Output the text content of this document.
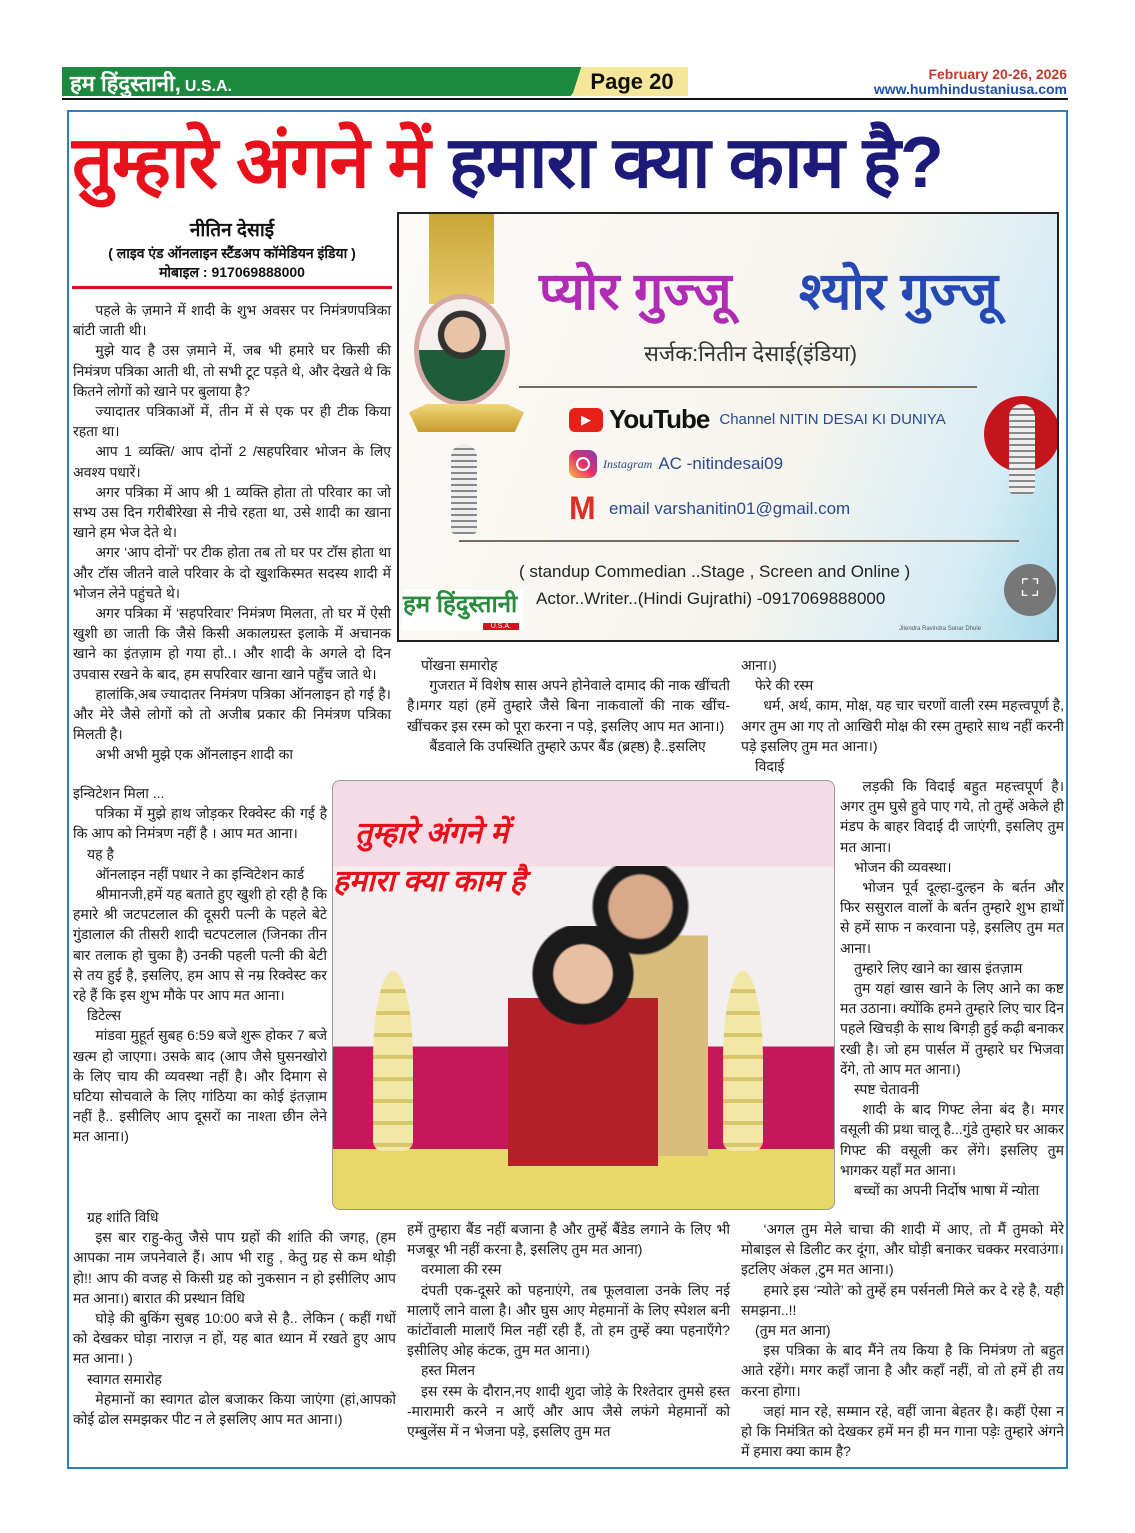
हम हिंदुस्तानी, U.S.A.	Page 20	February 20-26, 2026
www.humhindustaniusa.com
तुम्हारे अंगने में हमारा क्या काम है?
नीतिन देसाई
( लाइव एंड ऑनलाइन स्टैंडअप कॉमेडियन इंडिया )
मोबाइल : 917069888000	प्योर गुज्जू श्योर गुज्जू
सर्जक:नितीन देसाई(इंडिया)
▶ YouTube Channel NITIN DESAI KI DUNIYA
Instagram AC -nitindesai09
M
email varshanitin01@gmail.com
( standup Commedian ..Stage , Screen and Online )
Actor..Writer..(Hindi Gujrathi) -0917069888000
हम हिंदुस्तानी
U.S.A.	Jitendra Ravindra Sonar Dhule
⛶
तुम्हारे अंगने में
हमारा क्या काम है

पहले के ज़माने में शादी के शुभ अवसर पर निमंत्रणपत्रिका बांटी जाती थी।

मुझे याद है उस ज़माने में, जब भी हमारे घर किसी की निमंत्रण पत्रिका आती थी, तो सभी टूट पड़ते थे, और देखते थे कि कितने लोगों को खाने पर बुलाया है?

ज्यादातर पत्रिकाओं में, तीन में से एक पर ही टीक किया रहता था।

आप 1 व्यक्ति/ आप दोनों 2 /सहपरिवार भोजन के लिए अवश्य पधारें।

अगर पत्रिका में आप श्री 1 व्यक्ति होता तो परिवार का जो सभ्य उस दिन गरीबीरेखा से नीचे रहता था, उसे शादी का खाना खाने हम भेज देते थे।

अगर ‘आप दोनों’ पर टीक होता तब तो घर पर टॉस होता था और टॉस जीतने वाले परिवार के दो खुशकिस्मत सदस्य शादी में भोजन लेने पहुंचते थे।

अगर पत्रिका में ‘सहपरिवार’ निमंत्रण मिलता, तो घर में ऐसी खुशी छा जाती कि जैसे किसी अकालग्रस्त इलाके में अचानक खाने का इंतज़ाम हो गया हो..। और शादी के अगले दो दिन उपवास रखने के बाद, हम सपरिवार खाना खाने पहुँच जाते थे।

हालांकि,अब ज्यादातर निमंत्रण पत्रिका ऑनलाइन हो गई है। और मेरे जैसे लोगों को तो अजीब प्रकार की निमंत्रण पत्रिका मिलती है।

अभी अभी मुझे एक ऑनलाइन शादी का

इन्विटेशन मिला ...

पत्रिका में मुझे हाथ जोड़कर रिक्वेस्ट की गई है कि आप को निमंत्रण नहीं है । आप मत आना।

यह है

ऑनलाइन नहीं पधार ने का इन्विटेशन कार्ड

श्रीमानजी,हमें यह बताते हुए खुशी हो रही है कि हमारे श्री जटपटलाल की दूसरी पत्नी के पहले बेटे गुंडालाल की तीसरी शादी चटपटलाल (जिनका तीन बार तलाक हो चुका है) उनकी पहली पत्नी की बेटी से तय हुई है, इसलिए, हम आप से नम्र रिक्वेस्ट कर रहे हैं कि इस शुभ मौके पर आप मत आना।

डिटेल्स

मांडवा मुहूर्त सुबह 6:59 बजे शुरू होकर 7 बजे खत्म हो जाएगा। उसके बाद (आप जैसे घुसनखोरो के लिए चाय की व्यवस्था नहीं है। और दिमाग से घटिया सोचवाले के लिए गांठिया का कोई इंतज़ाम नहीं है.. इसीलिए आप दूसरों का नाश्ता छीन लेने मत आना।)

ग्रह शांति विधि

इस बार राहु-केतु जैसे पाप ग्रहों की शांति की जगह, (हम आपका नाम जपनेवाले हैं। आप भी राहु , केतु ग्रह से कम थोड़ी हो!! आप की वजह से किसी ग्रह को नुकसान न हो इसीलिए आप मत आना।) बारात की प्रस्थान विधि

घोड़े की बुकिंग सुबह 10:00 बजे से है.. लेकिन ( कहीं गधों को देखकर घोड़ा नाराज़ न हों, यह बात ध्यान में रखते हुए आप मत आना। )

स्वागत समारोह

मेहमानों का स्वागत ढोल बजाकर किया जाएंगा (हां,आपको कोई ढोल समझकर पीट न ले इसलिए आप मत आना।)

पोंखना समारोह

गुजरात में विशेष सास अपने होनेवाले दामाद की नाक खींचती है।मगर यहां (हमें तुम्हारे जैसे बिना नाकवालों की नाक खींच-खींचकर इस रस्म को पूरा करना न पड़े, इसलिए आप मत आना।)

बैंडवाले कि उपस्थिति तुम्हारे ऊपर बैंड (ब्रह्ष्ठ) है..इसलिए

आना।)

फेरे की रस्म

धर्म, अर्थ, काम, मोक्ष, यह चार चरणों वाली रस्म महत्त्वपूर्ण है, अगर तुम आ गए तो आखिरी मोक्ष की रस्म तुम्हारे साथ नहीं करनी पड़े इसलिए तुम मत आना।)

विदाई

लड़की कि विदाई बहुत महत्त्वपूर्ण है। अगर तुम घुसे हुवे पाए गये, तो तुम्हें अकेले ही मंडप के बाहर विदाई दी जाएंगी, इसलिए तुम मत आना।

भोजन की व्यवस्था।

भोजन पूर्व दूल्हा-दुल्हन के बर्तन और फिर ससुराल वालों के बर्तन तुम्हारे शुभ हाथों से हमें साफ न करवाना पड़े, इसलिए तुम मत आना।

तुम्हारे लिए खाने का खास इंतज़ाम

तुम यहां खास खाने के लिए आने का कष्ट मत उठाना। क्योंकि हमने तुम्हारे लिए चार दिन पहले खिचड़ी के साथ बिगड़ी हुई कढ़ी बनाकर रखी है। जो हम पार्सल में तुम्हारे घर भिजवा देंगे, तो आप मत आना।)

स्पष्ट चेतावनी

शादी के बाद गिफ्ट लेना बंद है। मगर वसूली की प्रथा चालू है...गुंडे तुम्हारे घर आकर गिफ्ट की वसूली कर लेंगे। इसलिए तुम भागकर यहाँ मत आना।

बच्चों का अपनी निर्दोष भाषा में न्योता

हमें तुम्हारा बैंड नहीं बजाना है और तुम्हें बैंडेड लगाने के लिए भी मजबूर भी नहीं करना है, इसलिए तुम मत आना)

वरमाला की रस्म

दंपती एक-दूसरे को पहनाएंगे, तब फूलवाला उनके लिए नई मालाएँ लाने वाला है। और घुस आए मेहमानों के लिए स्पेशल बनी कांटोंवाली मालाएँ मिल नहीं रही हैं, तो हम तुम्हें क्या पहनाएँगे? इसीलिए ओह कंटक, तुम मत आना।)

हस्त मिलन

इस रस्म के दौरान,नए शादी शुदा जोड़े के रिश्तेदार तुमसे हस्त -मारामारी करने न आएँ और आप जैसे लफंगे मेहमानों को एम्बुलेंस में न भेजना पड़े, इसलिए तुम मत

‘अगल तुम मेले चाचा की शादी में आए, तो मैं तुमको मेरे मोबाइल से डिलीट कर दूंगा, और घोड़ी बनाकर चक्कर मरवाउंगा। इटलिए अंकल ,टुम मत आना।)

हमारे इस ‘न्योते’ को तुम्हें हम पर्सनली मिले कर दे रहे है, यही समझना..!!

(तुम मत आना)

इस पत्रिका के बाद मैंने तय किया है कि निमंत्रण तो बहुत आते रहेंगे। मगर कहाँ जाना है और कहाँ नहीं, वो तो हमें ही तय करना होगा।

जहां मान रहे, सम्मान रहे, वहीं जाना बेहतर है। कहीं ऐसा न हो कि निमंत्रित को देखकर हमें मन ही मन गाना पड़ेः तुम्हारे अंगने में हमारा क्या काम है?
